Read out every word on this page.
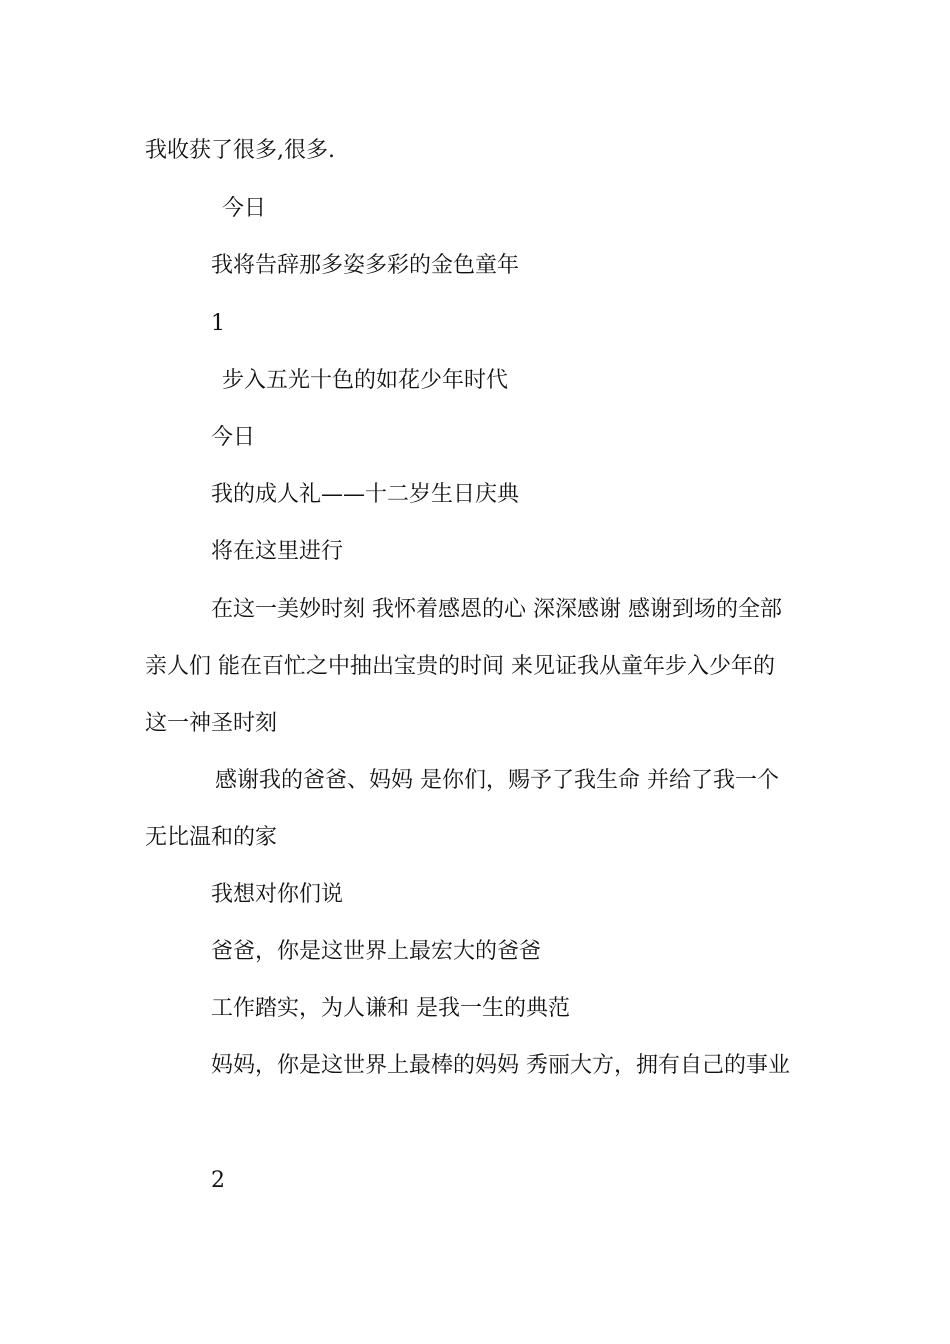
我收获了很多,很多.
今日
我将告辞那多姿多彩的金色童年
1
步入五光十色的如花少年时代
今日
我的成人礼——十二岁生日庆典
将在这里进行
在这一美妙时刻 我怀着感恩的心 深深感谢 感谢到场的全部
亲人们 能在百忙之中抽出宝贵的时间 来见证我从童年步入少年的
这一神圣时刻
感谢我的爸爸、妈妈 是你们，赐予了我生命 并给了我一个
无比温和的家
我想对你们说
爸爸，你是这世界上最宏大的爸爸
工作踏实，为人谦和 是我一生的典范
妈妈，你是这世界上最棒的妈妈 秀丽大方，拥有自己的事业
2
